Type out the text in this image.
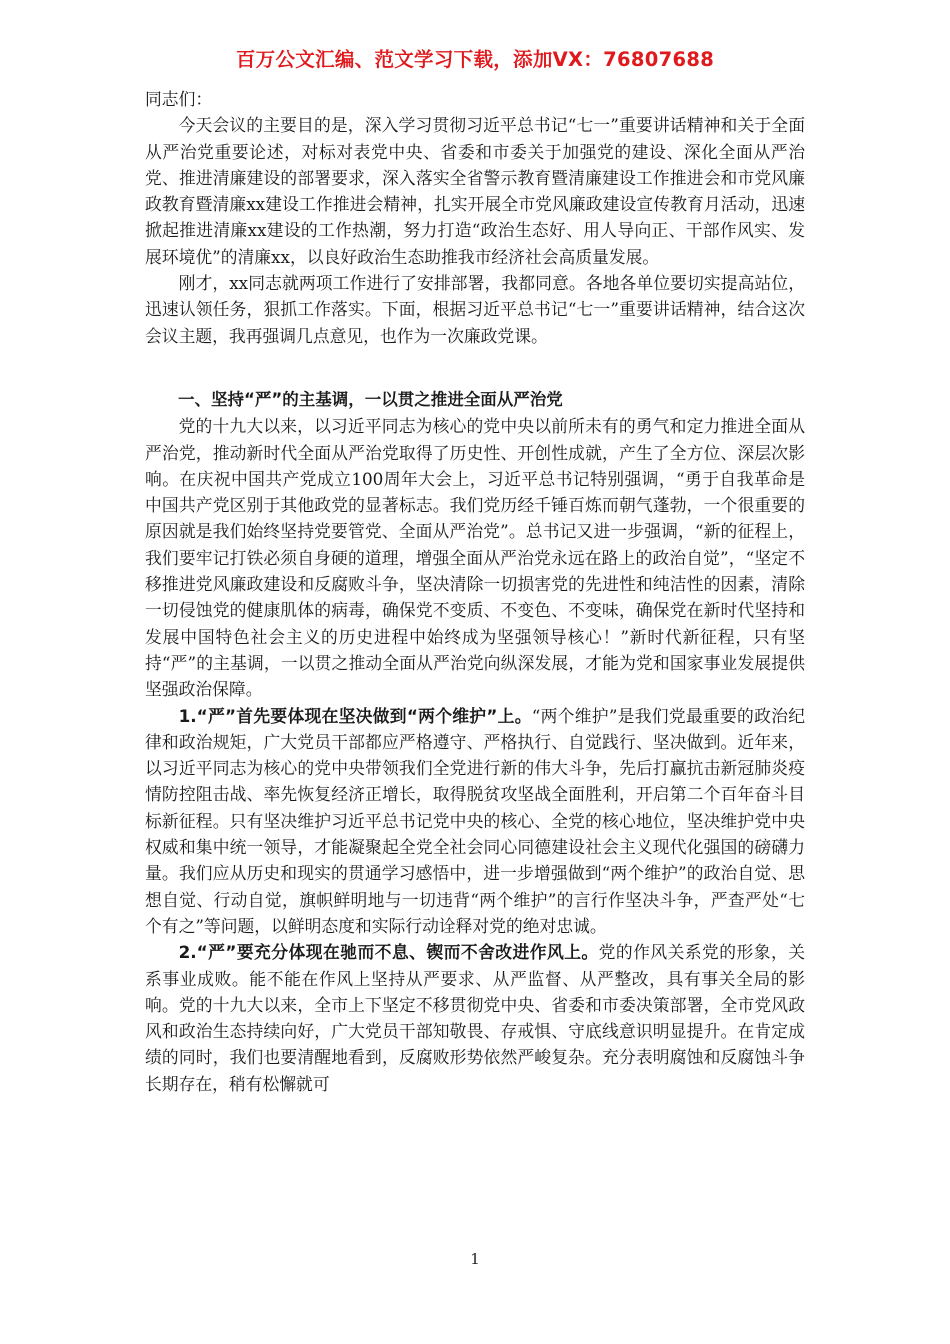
百万公文汇编、范文学习下载，添加VX：76807688

同志们：

今天会议的主要目的是，深入学习贯彻习近平总书记“七一”重要讲话精神和关于全面从严治党重要论述，对标对表党中央、省委和市委关于加强党的建设、深化全面从严治党、推进清廉建设的部署要求，深入落实全省警示教育暨清廉建设工作推进会和市党风廉政教育暨清廉xx建设工作推进会精神，扎实开展全市党风廉政建设宣传教育月活动，迅速掀起推进清廉xx建设的工作热潮，努力打造“政治生态好、用人导向正、干部作风实、发展环境优”的清廉xx，以良好政治生态助推我市经济社会高质量发展。

刚才，xx同志就两项工作进行了安排部署，我都同意。各地各单位要切实提高站位，迅速认领任务，狠抓工作落实。下面，根据习近平总书记“七一”重要讲话精神，结合这次会议主题，我再强调几点意见，也作为一次廉政党课。

一、坚持“严”的主基调，一以贯之推进全面从严治党

党的十九大以来，以习近平同志为核心的党中央以前所未有的勇气和定力推进全面从严治党，推动新时代全面从严治党取得了历史性、开创性成就，产生了全方位、深层次影响。在庆祝中国共产党成立100周年大会上，习近平总书记特别强调，“勇于自我革命是中国共产党区别于其他政党的显著标志。我们党历经千锤百炼而朝气蓬勃，一个很重要的原因就是我们始终坚持党要管党、全面从严治党”。总书记又进一步强调，“新的征程上，我们要牢记打铁必须自身硬的道理，增强全面从严治党永远在路上的政治自觉”，“坚定不移推进党风廉政建设和反腐败斗争，坚决清除一切损害党的先进性和纯洁性的因素，清除一切侵蚀党的健康肌体的病毒，确保党不变质、不变色、不变味，确保党在新时代坚持和发展中国特色社会主义的历史进程中始终成为坚强领导核心！”新时代新征程，只有坚持“严”的主基调，一以贯之推动全面从严治党向纵深发展，才能为党和国家事业发展提供坚强政治保障。

1.“严”首先要体现在坚决做到“两个维护”上。“两个维护”是我们党最重要的政治纪律和政治规矩，广大党员干部都应严格遵守、严格执行、自觉践行、坚决做到。近年来，以习近平同志为核心的党中央带领我们全党进行新的伟大斗争，先后打赢抗击新冠肺炎疫情防控阻击战、率先恢复经济正增长，取得脱贫攻坚战全面胜利，开启第二个百年奋斗目标新征程。只有坚决维护习近平总书记党中央的核心、全党的核心地位，坚决维护党中央权威和集中统一领导，才能凝聚起全党全社会同心同德建设社会主义现代化强国的磅礴力量。我们应从历史和现实的贯通学习感悟中，进一步增强做到“两个维护”的政治自觉、思想自觉、行动自觉，旗帜鲜明地与一切违背“两个维护”的言行作坚决斗争，严查严处“七个有之”等问题，以鲜明态度和实际行动诠释对党的绝对忠诚。

2.“严”要充分体现在驰而不息、锲而不舍改进作风上。党的作风关系党的形象，关系事业成败。能不能在作风上坚持从严要求、从严监督、从严整改，具有事关全局的影响。党的十九大以来，全市上下坚定不移贯彻党中央、省委和市委决策部署，全市党风政风和政治生态持续向好，广大党员干部知敬畏、存戒惧、守底线意识明显提升。在肯定成绩的同时，我们也要清醒地看到，反腐败形势依然严峻复杂。充分表明腐蚀和反腐蚀斗争长期存在，稍有松懈就可

1
